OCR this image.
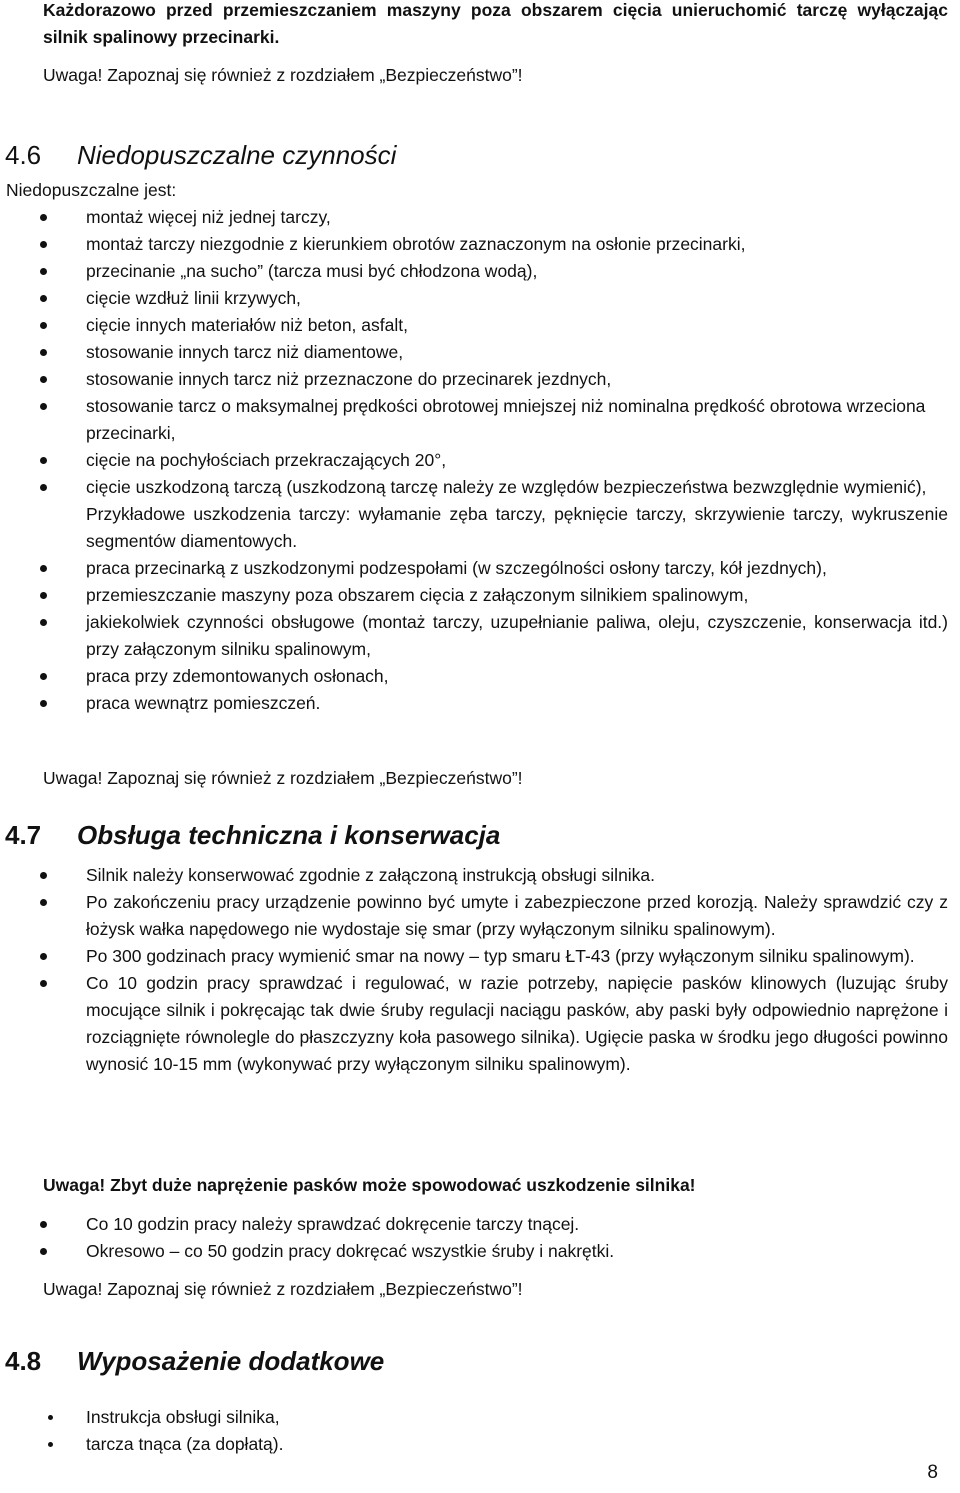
Każdorazowo przed przemieszczaniem maszyny poza obszarem cięcia unieruchomić tarczę wyłączając silnik spalinowy przecinarki.
Uwaga! Zapoznaj się również z rozdziałem „Bezpieczeństwo”!
4.6 Niedopuszczalne czynności
Niedopuszczalne jest:
montaż więcej niż jednej tarczy,
montaż tarczy niezgodnie z kierunkiem obrotów zaznaczonym na osłonie przecinarki,
przecinanie „na sucho” (tarcza musi być chłodzona wodą),
cięcie wzdłuż linii krzywych,
cięcie innych materiałów niż beton, asfalt,
stosowanie innych tarcz niż diamentowe,
stosowanie innych tarcz niż przeznaczone do przecinarek jezdnych,
stosowanie tarcz o maksymalnej prędkości obrotowej mniejszej niż nominalna prędkość obrotowa wrzeciona przecinarki,
cięcie na pochyłościach przekraczających 20°,
cięcie uszkodzoną tarczą (uszkodzoną tarczę należy ze względów bezpieczeństwa bezwzględnie wymienić),
Przykładowe uszkodzenia tarczy: wyłamanie zęba tarczy, pęknięcie tarczy, skrzywienie tarczy, wykruszenie segmentów diamentowych.
praca przecinarką z uszkodzonymi podzespołami (w szczególności osłony tarczy, kół jezdnych),
przemieszczanie maszyny poza obszarem cięcia z załączonym silnikiem spalinowym,
jakiekolwiek czynności obsługowe (montaż tarczy, uzupełnianie paliwa, oleju, czyszczenie, konserwacja itd.) przy załączonym silniku spalinowym,
praca przy zdemontowanych osłonach,
praca wewnątrz pomieszczeń.
Uwaga! Zapoznaj się również z rozdziałem „Bezpieczeństwo”!
4.7 Obsługa techniczna i konserwacja
Silnik należy konserwować zgodnie z załączoną instrukcją obsługi silnika.
Po zakończeniu pracy urządzenie powinno być umyte i zabezpieczone przed korozją. Należy sprawdzić czy z łożysk wałka napędowego nie wydostaje się smar (przy wyłączonym silniku spalinowym).
Po 300 godzinach pracy wymienić smar na nowy – typ smaru ŁT-43 (przy wyłączonym silniku spalinowym).
Co 10 godzin pracy sprawdzać i regulować, w razie potrzeby, napięcie pasków klinowych (luzując śruby mocujące silnik i pokręcając tak dwie śruby regulacji naciągu pasków, aby paski były odpowiednio naprężone i rozciągnięte równolegle do płaszczyzny koła pasowego silnika). Ugięcie paska w środku jego długości powinno wynosić 10-15 mm (wykonywać przy wyłączonym silniku spalinowym).
Uwaga! Zbyt duże naprężenie pasków może spowodować uszkodzenie silnika!
Co 10 godzin pracy należy sprawdzać dokręcenie tarczy tnącej.
Okresowo – co 50 godzin pracy dokręcać wszystkie śruby i nakrętki.
Uwaga! Zapoznaj się również z rozdziałem „Bezpieczeństwo”!
4.8 Wyposażenie dodatkowe
Instrukcja obsługi silnika,
tarcza tnąca (za dopłatą).
8
